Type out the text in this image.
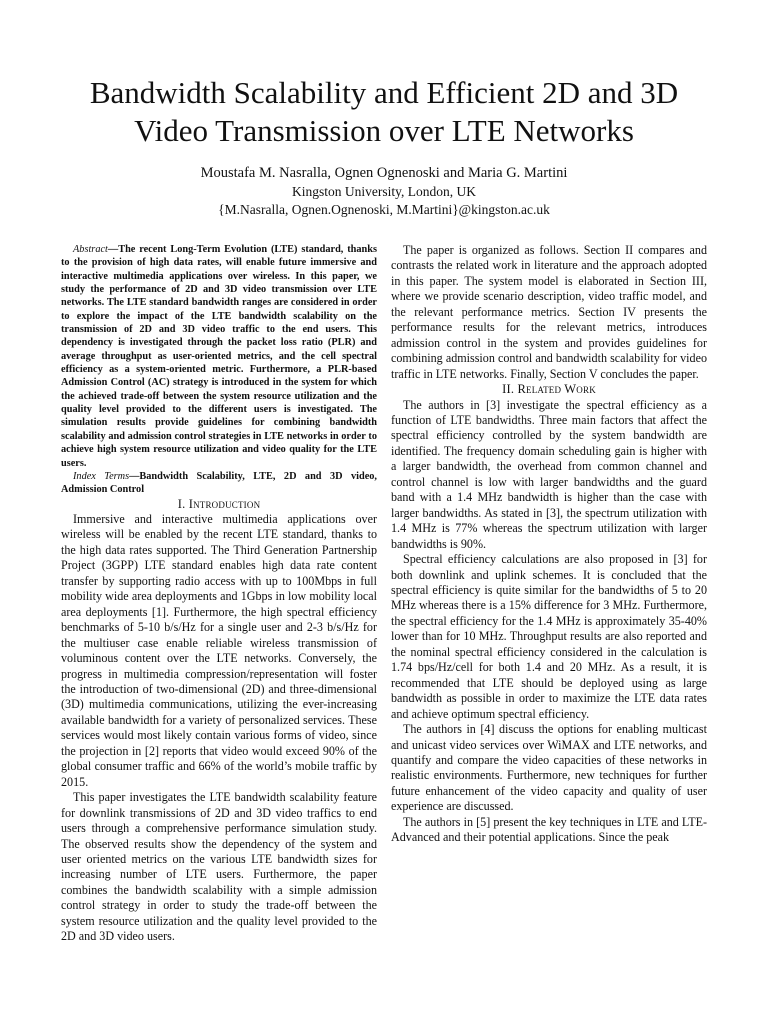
Bandwidth Scalability and Efficient 2D and 3D
Video Transmission over LTE Networks
Moustafa M. Nasralla, Ognen Ognenoski and Maria G. Martini
Kingston University, London, UK
{M.Nasralla, Ognen.Ognenoski, M.Martini}@kingston.ac.uk

Abstract—The recent Long-Term Evolution (LTE) standard, thanks to the provision of high data rates, will enable future immersive and interactive multimedia applications over wireless. In this paper, we study the performance of 2D and 3D video transmission over LTE networks. The LTE standard bandwidth ranges are considered in order to explore the impact of the LTE bandwidth scalability on the transmission of 2D and 3D video traffic to the end users. This dependency is investigated through the packet loss ratio (PLR) and average throughput as user-oriented metrics, and the cell spectral efficiency as a system-oriented metric. Furthermore, a PLR-based Admission Control (AC) strategy is introduced in the system for which the achieved trade-off between the system resource utilization and the quality level provided to the different users is investigated. The simulation results provide guidelines for combining bandwidth scalability and admission control strategies in LTE networks in order to achieve high system resource utilization and video quality for the LTE users.

Index Terms—Bandwidth Scalability, LTE, 2D and 3D video, Admission Control

I. Introduction

Immersive and interactive multimedia applications over wireless will be enabled by the recent LTE standard, thanks to the high data rates supported. The Third Generation Partnership Project (3GPP) LTE standard enables high data rate content transfer by supporting radio access with up to 100Mbps in full mobility wide area deployments and 1Gbps in low mobility local area deployments [1]. Furthermore, the high spectral efficiency benchmarks of 5-10 b/s/Hz for a single user and 2-3 b/s/Hz for the multiuser case enable reliable wireless transmission of voluminous content over the LTE networks. Conversely, the progress in multimedia compression/representation will foster the introduction of two-dimensional (2D) and three-dimensional (3D) multimedia communications, utilizing the ever-increasing available bandwidth for a variety of personalized services. These services would most likely contain various forms of video, since the projection in [2] reports that video would exceed 90% of the global consumer traffic and 66% of the world’s mobile traffic by 2015.

This paper investigates the LTE bandwidth scalability feature for downlink transmissions of 2D and 3D video traffics to end users through a comprehensive performance simulation study. The observed results show the dependency of the system and user oriented metrics on the various LTE bandwidth sizes for increasing number of LTE users. Furthermore, the paper combines the bandwidth scalability with a simple admission control strategy in order to study the trade-off between the system resource utilization and the quality level provided to the 2D and 3D video users.

The paper is organized as follows. Section II compares and contrasts the related work in literature and the approach adopted in this paper. The system model is elaborated in Section III, where we provide scenario description, video traffic model, and the relevant performance metrics. Section IV presents the performance results for the relevant metrics, introduces admission control in the system and provides guidelines for combining admission control and bandwidth scalability for video traffic in LTE networks. Finally, Section V concludes the paper.

II. Related Work

The authors in [3] investigate the spectral efficiency as a function of LTE bandwidths. Three main factors that affect the spectral efficiency controlled by the system bandwidth are identified. The frequency domain scheduling gain is higher with a larger bandwidth, the overhead from common channel and control channel is low with larger bandwidths and the guard band with a 1.4 MHz bandwidth is higher than the case with larger bandwidths. As stated in [3], the spectrum utilization with 1.4 MHz is 77% whereas the spectrum utilization with larger bandwidths is 90%.

Spectral efficiency calculations are also proposed in [3] for both downlink and uplink schemes. It is concluded that the spectral efficiency is quite similar for the bandwidths of 5 to 20 MHz whereas there is a 15% difference for 3 MHz. Furthermore, the spectral efficiency for the 1.4 MHz is approximately 35-40% lower than for 10 MHz. Throughput results are also reported and the nominal spectral efficiency considered in the calculation is 1.74 bps/Hz/cell for both 1.4 and 20 MHz. As a result, it is recommended that LTE should be deployed using as large bandwidth as possible in order to maximize the LTE data rates and achieve optimum spectral efficiency.

The authors in [4] discuss the options for enabling multicast and unicast video services over WiMAX and LTE networks, and quantify and compare the video capacities of these networks in realistic environments. Furthermore, new techniques for further future enhancement of the video capacity and quality of user experience are discussed.

The authors in [5] present the key techniques in LTE and LTE-Advanced and their potential applications. Since the peak
